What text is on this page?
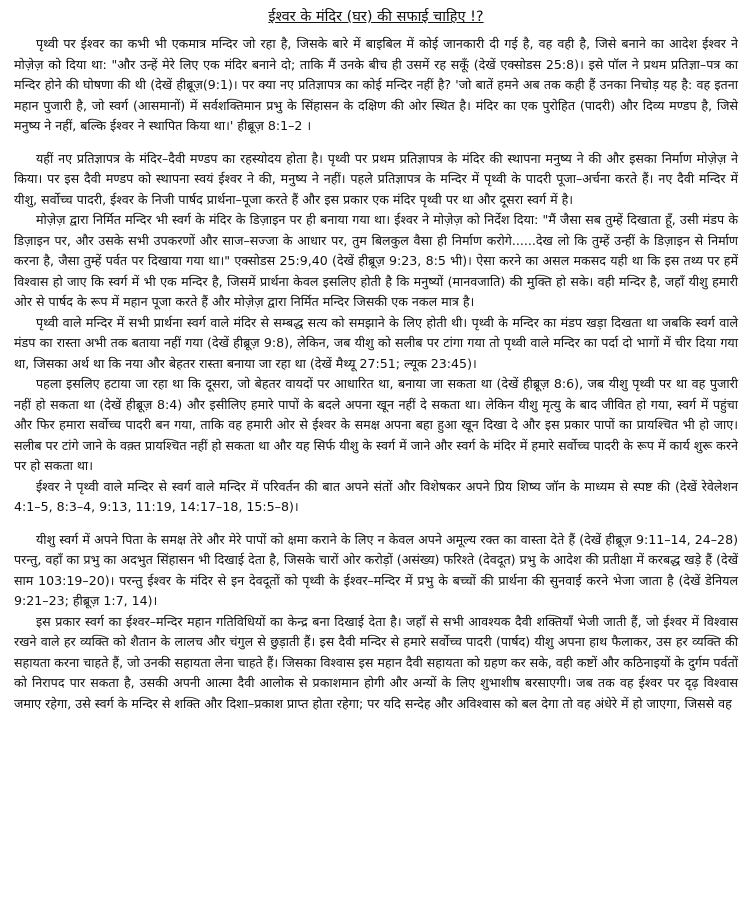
ईश्वर के मंदिर (घर) की सफाई चाहिए !?

पृथ्वी पर ईश्वर का कभी भी एकमात्र मन्दिर जो रहा है, जिसके बारे में बाइबिल में कोई जानकारी दी गई है, वह वही है, जिसे बनाने का आदेश ईश्वर ने मोज़ेज़ को दिया था: "और उन्हें मेरे लिए एक मंदिर बनाने दो; ताकि मैं उनके बीच ही उसमें रह सकूँ (देखें एक्सोडस 25:8)। इसे पॉल ने प्रथम प्रतिज्ञा–पत्र का मन्दिर होने की घोषणा की थी (देखें हीब्रूज़(9:1)। पर क्या नए प्रतिज्ञापत्र का कोई मन्दिर नहीं है? 'जो बातें हमने अब तक कही हैं उनका निचोड़ यह है: वह इतना महान पुजारी है, जो स्वर्ग (आसमानों) में सर्वशक्तिमान प्रभु के सिंहासन के दक्षिण की ओर स्थित है। मंदिर का एक पुरोहित (पादरी) और दिव्य मण्डप है, जिसे मनुष्य ने नहीं, बल्कि ईश्वर ने स्थापित किया था।' हीब्रूज़ 8:1–2 ।

यहीं नए प्रतिज्ञापत्र के मंदिर–दैवी मण्डप का रहस्योदय होता है। पृथ्वी पर प्रथम प्रतिज्ञापत्र के मंदिर की स्थापना मनुष्य ने की और इसका निर्माण मोजे़ज़ ने किया। पर इस दैवी मण्डप को स्थापना स्वयं ईश्वर ने की, मनुष्य ने नहीं। पहले प्रतिज्ञापत्र के मन्दिर में पृथ्वी के पादरी पूजा–अर्चना करते हैं। नए दैवी मन्दिर में यीशु, सर्वोच्च पादरी, ईश्वर के निजी पार्षद प्रार्थना–पूजा करते हैं और इस प्रकार एक मंदिर पृथ्वी पर था और दूसरा स्वर्ग में है।

मोज़ेज़ द्वारा निर्मित मन्दिर भी स्वर्ग के मंदिर के डिज़ाइन पर ही बनाया गया था। ईश्वर ने मोज़ेज़ को निर्देश दिया: "मैं जैसा सब तुम्हें दिखाता हूँ, उसी मंडप के डिज़ाइन पर, और उसके सभी उपकरणों और साज–सज्जा के आधार पर, तुम बिलकुल वैसा ही निर्माण करोगे......देख लो कि तुम्हें उन्हीं के डिज़ाइन से निर्माण करना है, जैसा तुम्हें पर्वत पर दिखाया गया था।" एक्सोडस 25:9,40 (देखें हीब्रूज़ 9:23, 8:5 भी)। ऐसा करने का असल मकसद यही था कि इस तथ्य पर हमें विश्वास हो जाए कि स्वर्ग में भी एक मन्दिर है, जिसमें प्रार्थना केवल इसलिए होती है कि मनुष्यों (मानवजाति) की मुक्ति हो सके। वही मन्दिर है, जहाँ यीशु हमारी ओर से पार्षद के रूप में महान पूजा करते हैं और मोज़ेज़ द्वारा निर्मित मन्दिर जिसकी एक नकल मात्र है।

पृथ्वी वाले मन्दिर में सभी प्रार्थना स्वर्ग वाले मंदिर से सम्बद्ध सत्य को समझाने के लिए होती थी। पृथ्वी के मन्दिर का मंडप खड़ा दिखता था जबकि स्वर्ग वाले मंडप का रास्ता अभी तक बताया नहीं गया (देखें हीब्रूज़ 9:8), लेकिन, जब यीशु को सलीब पर टांगा गया तो पृथ्वी वाले मन्दिर का पर्दा दो भागों में चीर दिया गया था, जिसका अर्थ था कि नया और बेहतर रास्ता बनाया जा रहा था (देखें मैथ्यू 27:51; ल्यूक 23:45)।

पहला इसलिए हटाया जा रहा था कि दूसरा, जो बेहतर वायदों पर आधारित था, बनाया जा सकता था (देखें हीब्रूज़ 8:6), जब यीशु पृथ्वी पर था वह पुजारी नहीं हो सकता था (देखें हीब्रूज़ 8:4) और इसीलिए हमारे पापों के बदले अपना खून नहीं दे सकता था। लेकिन यीशु मृत्यु के बाद जीवित हो गया, स्वर्ग में पहुंचा और फिर हमारा सर्वोच्च पादरी बन गया, ताकि वह हमारी ओर से ईश्वर के समक्ष अपना बहा हुआ खून दिखा दे और इस प्रकार पापों का प्रायश्चित भी हो जाए। सलीब पर टांगे जाने के वक़्त प्रायश्चित नहीं हो सकता था और यह सिर्फ यीशु के स्वर्ग में जाने और स्वर्ग के मंदिर में हमारे सर्वोच्च पादरी के रूप में कार्य शुरू करने पर हो सकता था।

ईश्वर ने पृथ्वी वाले मन्दिर से स्वर्ग वाले मन्दिर में परिवर्तन की बात अपने संतों और विशेषकर अपने प्रिय शिष्य जॉन के माध्यम से स्पष्ट की (देखें रेवेलेशन 4:1–5, 8:3–4, 9:13, 11:19, 14:17–18, 15:5–8)।

यीशु स्वर्ग में अपने पिता के समक्ष तेरे और मेरे पापों को क्षमा कराने के लिए न केवल अपने अमूल्य रक्त का वास्ता देते हैं (देखें हीब्रूज़ 9:11–14, 24–28) परन्तु, वहाँ का प्रभु का अदभुत सिंहासन भी दिखाई देता है, जिसके चारों ओर करोड़ों (असंख्य) फरिश्ते (देवदूत) प्रभु के आदेश की प्रतीक्षा में करबद्ध खड़े हैं (देखें साम 103:19–20)। परन्तु ईश्वर के मंदिर से इन देवदूतों को पृथ्वी के ईश्वर–मन्दिर में प्रभु के बच्चों की प्रार्थना की सुनवाई करने भेजा जाता है (देखें डेनियल 9:21–23; हीब्रूज़ 1:7, 14)।

इस प्रकार स्वर्ग का ईश्वर–मन्दिर महान गतिविधियों का केन्द्र बना दिखाई देता है। जहाँ से सभी आवश्यक दैवी शक्तियाँ भेजी जाती हैं, जो ईश्वर में विश्वास रखने वाले हर व्यक्ति को शैतान के लालच और चंगुल से छुड़ाती हैं। इस दैवी मन्दिर से हमारे सर्वोच्च पादरी (पार्षद) यीशु अपना हाथ फैलाकर, उस हर व्यक्ति की सहायता करना चाहते हैं, जो उनकी सहायता लेना चाहते हैं। जिसका विश्वास इस महान दैवी सहायता को ग्रहण कर सके, वही कष्टों और कठिनाइयों के दुर्गम पर्वतों को निरापद पार सकता है, उसकी अपनी आत्मा दैवी आलोक से प्रकाशमान होगी और अन्यों के लिए शुभाशीष बरसाएगी। जब तक वह ईश्वर पर दृढ़ विश्वास जमाए रहेगा, उसे स्वर्ग के मन्दिर से शक्ति और दिशा–प्रकाश प्राप्त होता रहेगा; पर यदि सन्देह और अविश्वास को बल देगा तो वह अंधेरे में हो जाएगा, जिससे वह
